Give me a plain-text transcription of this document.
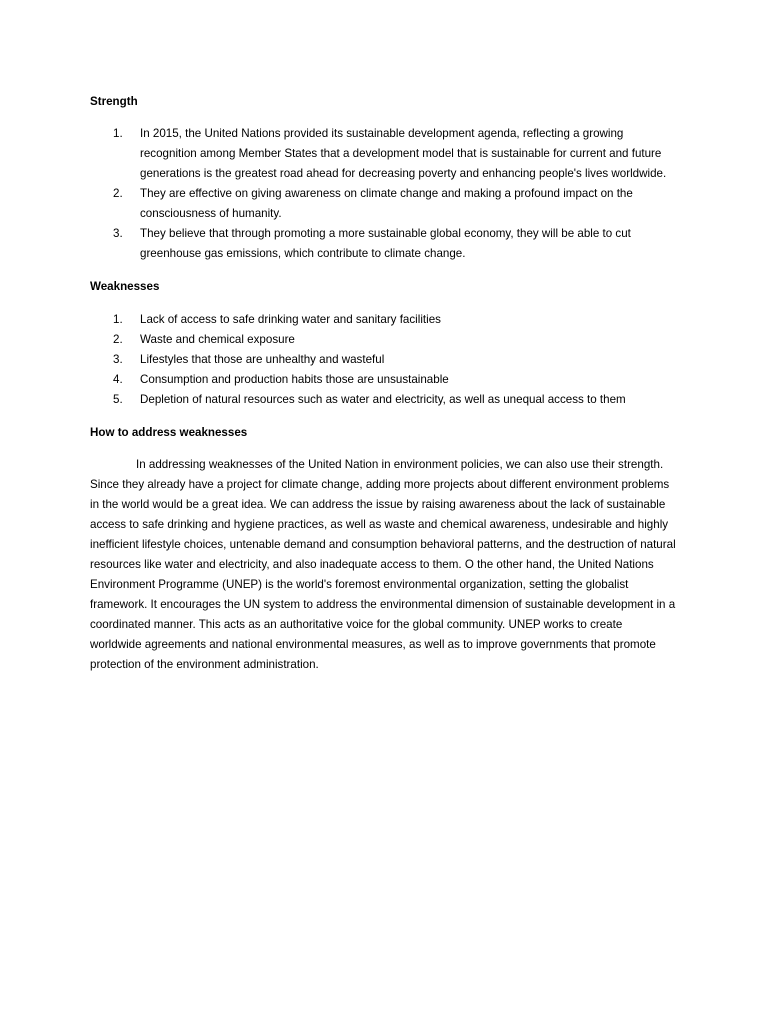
Strength

1.	In 2015, the United Nations provided its sustainable development agenda, reflecting a growing recognition among Member States that a development model that is sustainable for current and future generations is the greatest road ahead for decreasing poverty and enhancing people's lives worldwide.
2.	They are effective on giving awareness on climate change and making a profound impact on the consciousness of humanity.
3.	They believe that through promoting a more sustainable global economy, they will be able to cut greenhouse gas emissions, which contribute to climate change.

Weaknesses

1.	Lack of access to safe drinking water and sanitary facilities
2.	Waste and chemical exposure
3.	Lifestyles that those are unhealthy and wasteful
4.	Consumption and production habits those are unsustainable
5.	Depletion of natural resources such as water and electricity, as well as unequal access to them

How to address weaknesses

In addressing weaknesses of the United Nation in environment policies, we can also use their strength. Since they already have a project for climate change, adding more projects about different environment problems in the world would be a great idea. We can address the issue by raising awareness about the lack of sustainable access to safe drinking and hygiene practices, as well as waste and chemical awareness, undesirable and highly inefficient lifestyle choices, untenable demand and consumption behavioral patterns, and the destruction of natural resources like water and electricity, and also inadequate access to them. O the other hand, the United Nations Environment Programme (UNEP) is the world's foremost environmental organization, setting the globalist framework. It encourages the UN system to address the environmental dimension of sustainable development in a coordinated manner. This acts as an authoritative voice for the global community. UNEP works to create worldwide agreements and national environmental measures, as well as to improve governments that promote protection of the environment administration.
